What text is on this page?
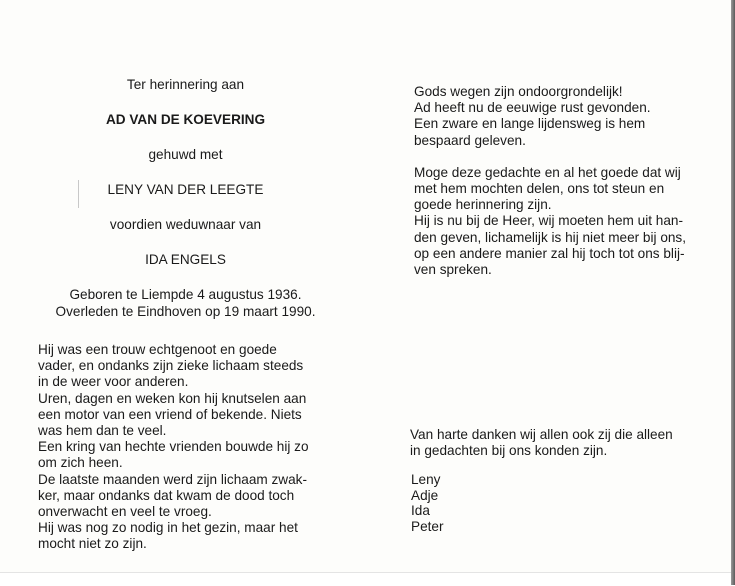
Ter herinnering aan
AD VAN DE KOEVERING
gehuwd met
LENY VAN DER LEEGTE
voordien weduwnaar van
IDA ENGELS
Geboren te Liempde 4 augustus 1936.
Overleden te Eindhoven op 19 maart 1990.

Hij was een trouw echtgenoot en goede
vader, en ondanks zijn zieke lichaam steeds
in de weer voor anderen.
Uren, dagen en weken kon hij knutselen aan
een motor van een vriend of bekende. Niets
was hem dan te veel.
Een kring van hechte vrienden bouwde hij zo
om zich heen.
De laatste maanden werd zijn lichaam zwak-
ker, maar ondanks dat kwam de dood toch
onverwacht en veel te vroeg.
Hij was nog zo nodig in het gezin, maar het
mocht niet zo zijn.

Gods wegen zijn ondoorgrondelijk!
Ad heeft nu de eeuwige rust gevonden.
Een zware en lange lijdensweg is hem
bespaard geleven.

Moge deze gedachte en al het goede dat wij
met hem mochten delen, ons tot steun en
goede herinnering zijn.
Hij is nu bij de Heer, wij moeten hem uit han-
den geven, lichamelijk is hij niet meer bij ons,
op een andere manier zal hij toch tot ons blij-
ven spreken.

Van harte danken wij allen ook zij die alleen
in gedachten bij ons konden zijn.

Leny
Adje
Ida
Peter
